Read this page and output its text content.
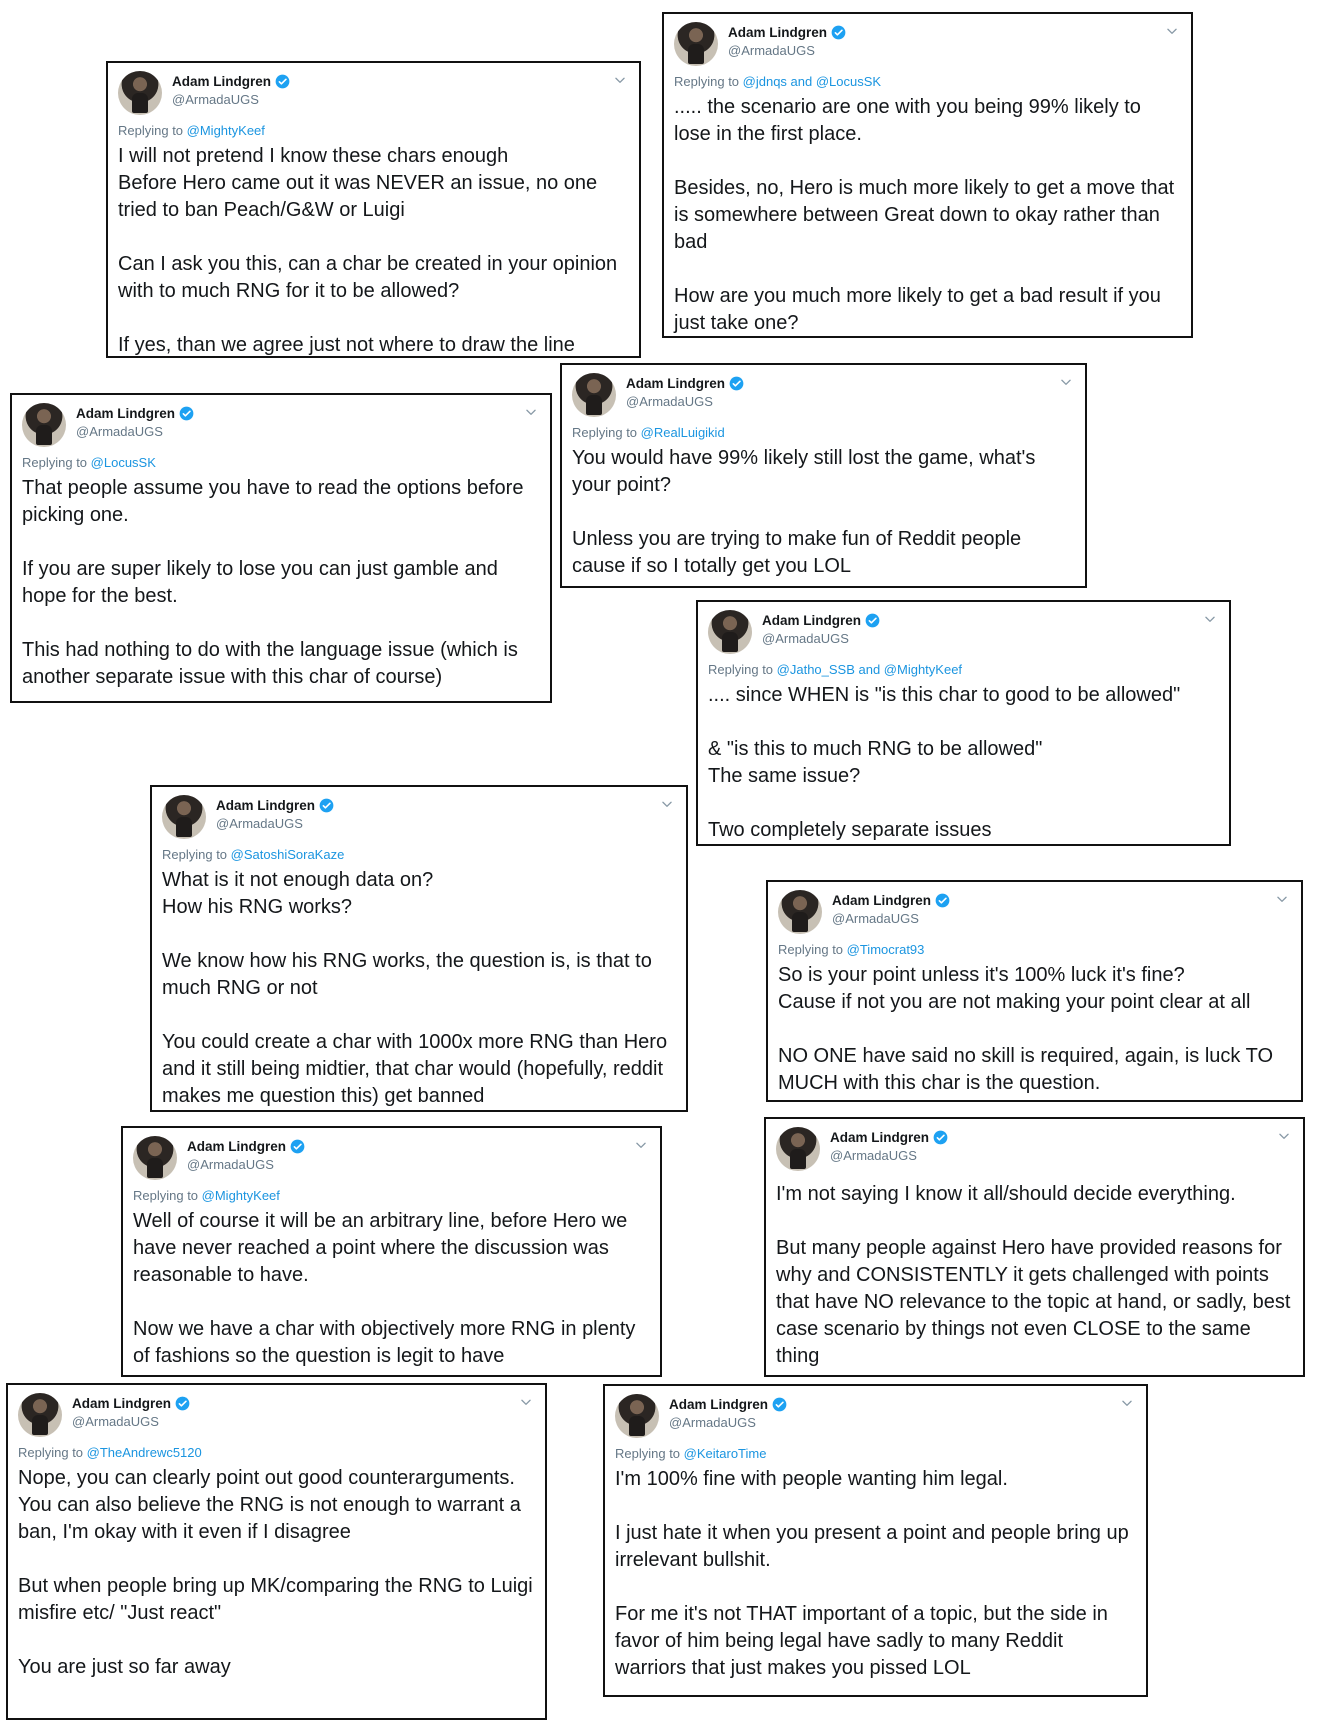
Adam Lindgren
@ArmadaUGS
Replying to @MightyKeef
I will not pretend I know these chars enough
Before Hero came out it was NEVER an issue, no one tried to ban Peach/G&W or Luigi

Can I ask you this, can a char be created in your opinion with to much RNG for it to be allowed?

If yes, than we agree just not where to draw the line
Adam Lindgren
@ArmadaUGS
Replying to @jdnqs and @LocusSK
..... the scenario are one with you being 99% likely to lose in the first place.

Besides, no, Hero is much more likely to get a move that is somewhere between Great down to okay rather than bad

How are you much more likely to get a bad result if you just take one?
Adam Lindgren
@ArmadaUGS
Replying to @LocusSK
That people assume you have to read the options before picking one.

If you are super likely to lose you can just gamble and hope for the best.

This had nothing to do with the language issue (which is another separate issue with this char of course)
Adam Lindgren
@ArmadaUGS
Replying to @RealLuigikid
You would have 99% likely still lost the game, what's your point?

Unless you are trying to make fun of Reddit people cause if so I totally get you LOL
Adam Lindgren
@ArmadaUGS
Replying to @Jatho_SSB and @MightyKeef
.... since WHEN is "is this char to good to be allowed"

& "is this to much RNG to be allowed"
The same issue?

Two completely separate issues
Adam Lindgren
@ArmadaUGS
Replying to @SatoshiSoraKaze
What is it not enough data on?
How his RNG works?

We know how his RNG works, the question is, is that to much RNG or not

You could create a char with 1000x more RNG than Hero and it still being midtier, that char would (hopefully, reddit makes me question this) get banned
Adam Lindgren
@ArmadaUGS
Replying to @Timocrat93
So is your point unless it's 100% luck it's fine?
Cause if not you are not making your point clear at all

NO ONE have said no skill is required, again, is luck TO MUCH with this char is the question.
Adam Lindgren
@ArmadaUGS
Replying to @MightyKeef
Well of course it will be an arbitrary line, before Hero we have never reached a point where the discussion was reasonable to have.

Now we have a char with objectively more RNG in plenty of fashions so the question is legit to have
Adam Lindgren
@ArmadaUGS
I'm not saying I know it all/should decide everything.

But many people against Hero have provided reasons for why and CONSISTENTLY it gets challenged with points that have NO relevance to the topic at hand, or sadly, best case scenario by things not even CLOSE to the same thing
Adam Lindgren
@ArmadaUGS
Replying to @TheAndrewc5120
Nope, you can clearly point out good counterarguments.
You can also believe the RNG is not enough to warrant a ban, I'm okay with it even if I disagree

But when people bring up MK/comparing the RNG to Luigi misfire etc/ "Just react"

You are just so far away
Adam Lindgren
@ArmadaUGS
Replying to @KeitaroTime
I'm 100% fine with people wanting him legal.

I just hate it when you present a point and people bring up irrelevant bullshit.

For me it's not THAT important of a topic, but the side in favor of him being legal have sadly to many Reddit warriors that just makes you pissed LOL
